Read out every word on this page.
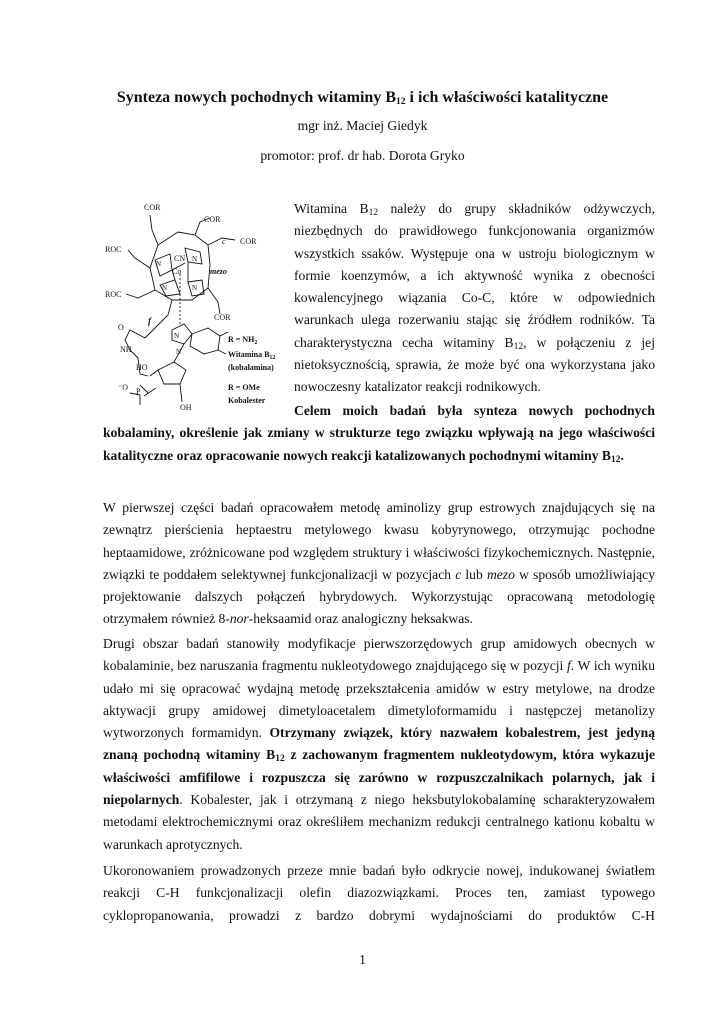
Synteza nowych pochodnych witaminy $B_{12}$ i ich właściwości katalityczne
mgr inż. Maciej Giedyk
promotor: prof. dr hab. Dorota Gryko
COR
COR
COR
ROC
ROC
COR
CN
Co
N
N
N	N
N
N
c
mezo
f
O
NH
HO
⁻O P
OH
$R = NH_2$
Witamina $B_{12}$
(kobalamina)
R = OMe
Kobalester
Witamina $B_{12}$ należy do grupy składników odżywczych, niezbędnych do prawidłowego funkcjonowania organizmów wszystkich ssaków. Występuje ona w ustroju biologicznym w formie koenzymów, a ich aktywność wynika z obecności kowalencyjnego wiązania Co-C, które w odpowiednich warunkach ulega rozerwaniu stając się źródłem rodników. Ta charakterystyczna cecha witaminy $B_{12}$, w połączeniu z jej nietoksycznością, sprawia, że może być ona wykorzystana jako nowoczesny katalizator reakcji rodnikowych.
Celem moich badań była synteza nowych pochodnych kobalaminy, określenie jak zmiany w strukturze tego związku wpływają na jego właściwości katalityczne oraz opracowanie nowych reakcji katalizowanych pochodnymi witaminy $B_{12}$.
W pierwszej części badań opracowałem metodę aminolizy grup estrowych znajdujących się na zewnątrz pierścienia heptaestru metylowego kwasu kobyrynowego, otrzymując pochodne heptaamidowe, zróżnicowane pod względem struktury i właściwości fizykochemicznych. Następnie, związki te poddałem selektywnej funkcjonalizacji w pozycjach c lub mezo w sposób umożliwiający projektowanie dalszych połączeń hybrydowych. Wykorzystując opracowaną metodologię otrzymałem również 8-nor-heksaamid oraz analogiczny heksakwas.
Drugi obszar badań stanowiły modyfikacje pierwszorzędowych grup amidowych obecnych w kobalaminie, bez naruszania fragmentu nukleotydowego znajdującego się w pozycji f. W ich wyniku udało mi się opracować wydajną metodę przekształcenia amidów w estry metylowe, na drodze aktywacji grupy amidowej dimetyloacetalem dimetyloformamidu i następczej metanolizy wytworzonych formamidyn. Otrzymany związek, który nazwałem kobalestrem, jest jedyną znaną pochodną witaminy $B_{12}$ z zachowanym fragmentem nukleotydowym, która wykazuje właściwości amfifilowe i rozpuszcza się zarówno w rozpuszczalnikach polarnych, jak i niepolarnych. Kobalester, jak i otrzymaną z niego heksbutylokobalaminę scharakteryzowałem metodami elektrochemicznymi oraz określiłem mechanizm redukcji centralnego kationu kobaltu w warunkach aprotycznych.
Ukoronowaniem prowadzonych przeze mnie badań było odkrycie nowej, indukowanej światłem reakcji C-H funkcjonalizacji olefin diazozwiązkami. Proces ten, zamiast typowego cyklopropanowania, prowadzi z bardzo dobrymi wydajnościami do produktów C-H
1
